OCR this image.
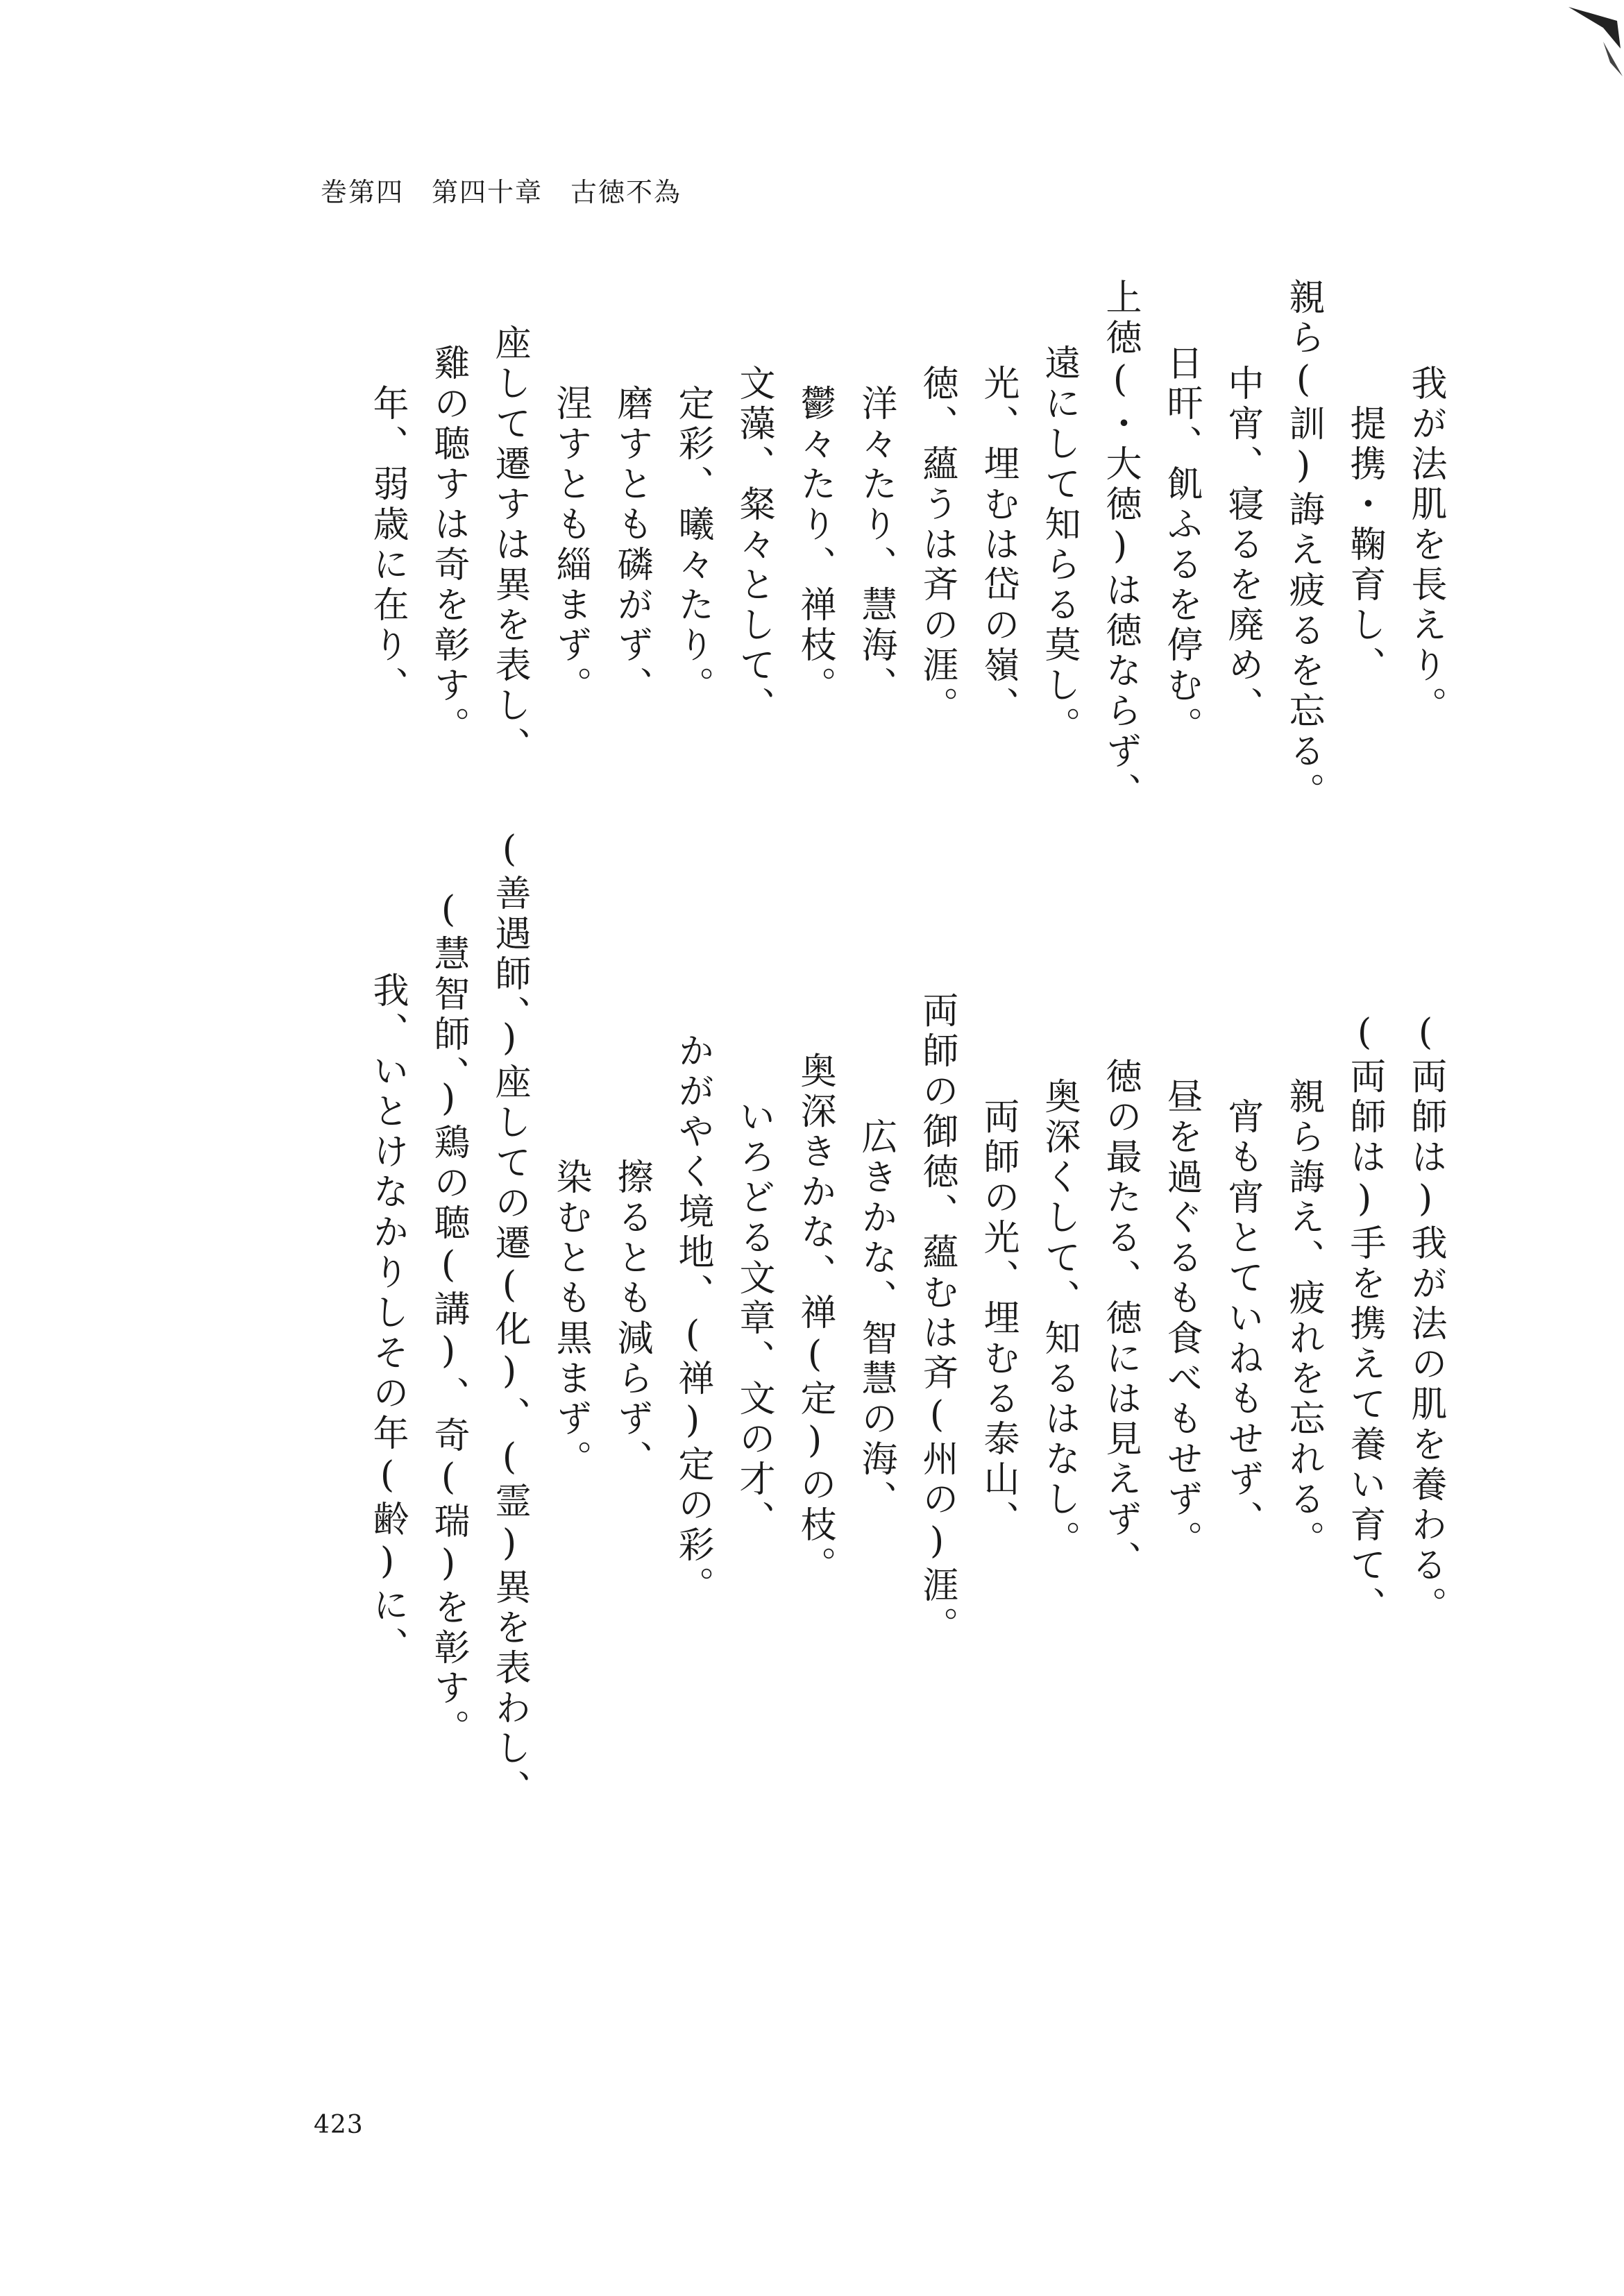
巻第四　第四十章　古徳不為
我が法肌を長えり。
提携・鞠育し、
親ら(訓)誨え疲るを忘る。
中宵、寝るを廃め、
日旰、飢ふるを停む。
上徳(・大徳)は徳ならず、
遠にして知らる莫し。
光、埋むは岱の嶺、
徳、蘊うは斉の涯。
洋々たり、慧海、
鬱々たり、禅枝。
文藻、粲々として、
定彩、曦々たり。
磨すとも磷がず、
涅すとも緇まず。
座して遷すは異を表し、
雞の聴すは奇を彰す。
年、弱歳に在り、
(両師は)我が法の肌を養わる。
(両師は)手を携えて養い育て、
親ら誨え、疲れを忘れる。
宵も宵とていねもせず、
昼を過ぐるも食べもせず。
徳の最たる、徳には見えず、
奥深くして、知るはなし。
両師の光、埋むる泰山、
両師の御徳、蘊むは斉(州の)涯。
広きかな、智慧の海、
奥深きかな、禅(定)の枝。
いろどる文章、文の才、
かがやく境地、(禅)定の彩。
擦るとも減らず、
染むとも黒まず。
(善遇師、)座しての遷(化)、(霊)異を表わし、
(慧智師、)鶏の聴(講)、奇(瑞)を彰す。
我、いとけなかりしその年(齢)に、
423
